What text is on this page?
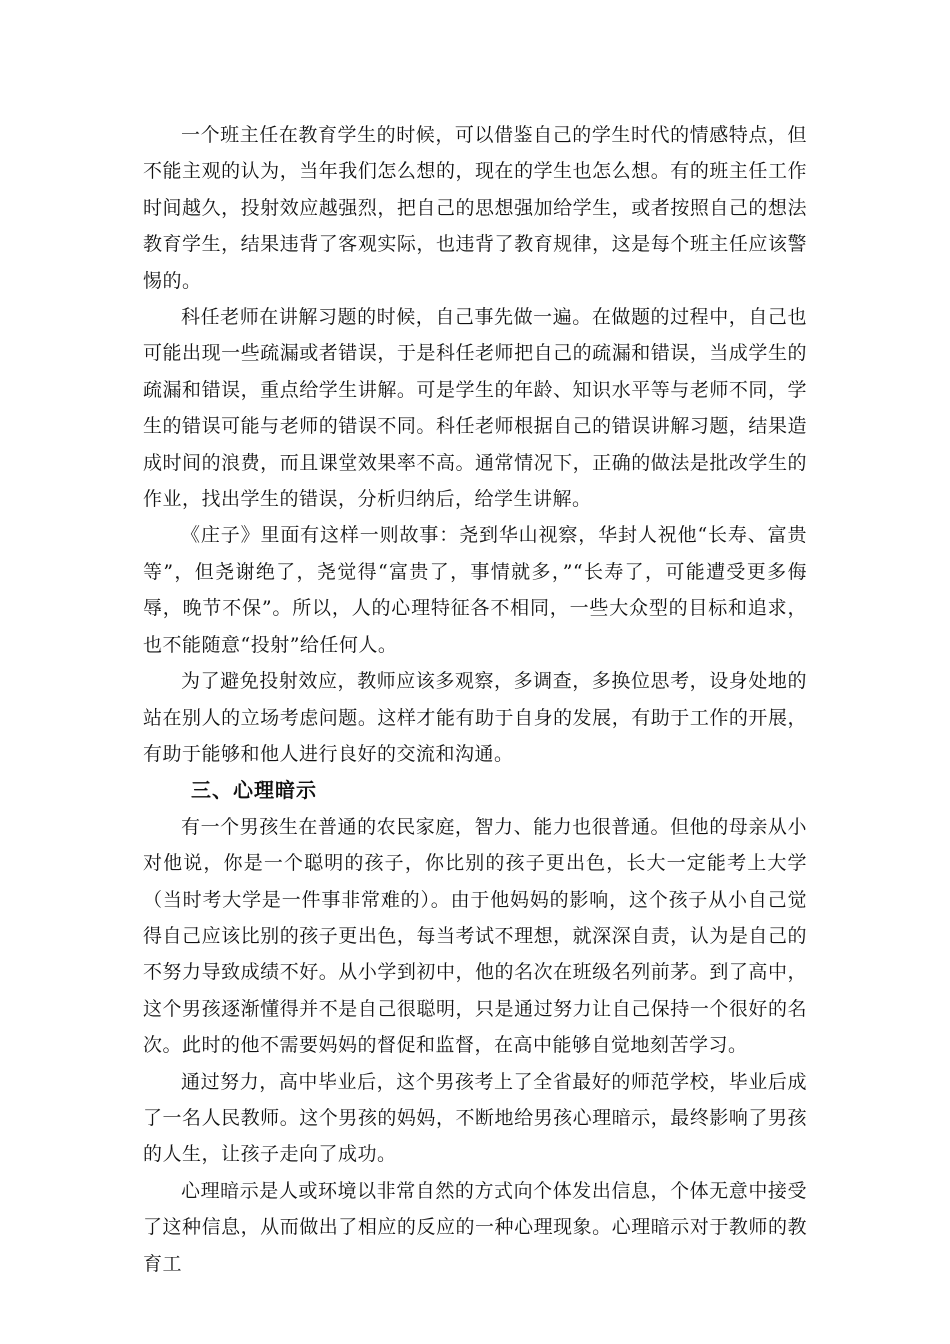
一个班主任在教育学生的时候，可以借鉴自己的学生时代的情感特点，但不能主观的认为，当年我们怎么想的，现在的学生也怎么想。有的班主任工作时间越久，投射效应越强烈，把自己的思想强加给学生，或者按照自己的想法教育学生，结果违背了客观实际，也违背了教育规律，这是每个班主任应该警惕的。

科任老师在讲解习题的时候，自己事先做一遍。在做题的过程中，自己也可能出现一些疏漏或者错误，于是科任老师把自己的疏漏和错误，当成学生的疏漏和错误，重点给学生讲解。可是学生的年龄、知识水平等与老师不同，学生的错误可能与老师的错误不同。科任老师根据自己的错误讲解习题，结果造成时间的浪费，而且课堂效果率不高。通常情况下，正确的做法是批改学生的作业，找出学生的错误，分析归纳后，给学生讲解。

《庄子》里面有这样一则故事：尧到华山视察，华封人祝他“长寿、富贵等”，但尧谢绝了，尧觉得“富贵了，事情就多，”“长寿了，可能遭受更多侮辱，晚节不保”。所以，人的心理特征各不相同，一些大众型的目标和追求，也不能随意“投射”给任何人。

为了避免投射效应，教师应该多观察，多调查，多换位思考，设身处地的站在别人的立场考虑问题。这样才能有助于自身的发展，有助于工作的开展，有助于能够和他人进行良好的交流和沟通。

三、心理暗示

有一个男孩生在普通的农民家庭，智力、能力也很普通。但他的母亲从小对他说，你是一个聪明的孩子，你比别的孩子更出色，长大一定能考上大学（当时考大学是一件事非常难的）。由于他妈妈的影响，这个孩子从小自己觉得自己应该比别的孩子更出色，每当考试不理想，就深深自责，认为是自己的不努力导致成绩不好。从小学到初中，他的名次在班级名列前茅。到了高中，这个男孩逐渐懂得并不是自己很聪明，只是通过努力让自己保持一个很好的名次。此时的他不需要妈妈的督促和监督，在高中能够自觉地刻苦学习。

通过努力，高中毕业后，这个男孩考上了全省最好的师范学校，毕业后成了一名人民教师。这个男孩的妈妈，不断地给男孩心理暗示，最终影响了男孩的人生，让孩子走向了成功。

心理暗示是人或环境以非常自然的方式向个体发出信息，个体无意中接受了这种信息，从而做出了相应的反应的一种心理现象。心理暗示对于教师的教育工
